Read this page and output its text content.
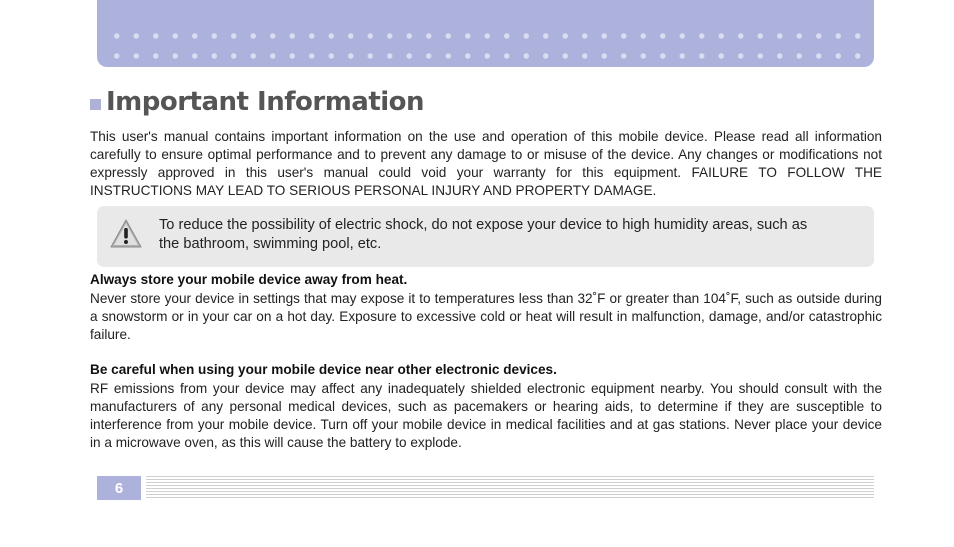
Important Information
This user's manual contains important information on the use and operation of this mobile device. Please read all information carefully to ensure optimal performance and to prevent any damage to or misuse of the device. Any changes or modifications not expressly approved in this user's manual could void your warranty for this equipment. FAILURE TO FOLLOW THE INSTRUCTIONS MAY LEAD TO SERIOUS PERSONAL INJURY AND PROPERTY DAMAGE.
To reduce the possibility of electric shock, do not expose your device to high humidity areas, such as
the bathroom, swimming pool, etc.
Always store your mobile device away from heat.
Never store your device in settings that may expose it to temperatures less than 32˚F or greater than 104˚F, such as outside during a snowstorm or in your car on a hot day. Exposure to excessive cold or heat will result in malfunction, damage, and/or catastrophic failure.
Be careful when using your mobile device near other electronic devices.
RF emissions from your device may affect any inadequately shielded electronic equipment nearby. You should consult with the manufacturers of any personal medical devices, such as pacemakers or hearing aids, to determine if they are susceptible to interference from your mobile device. Turn off your mobile device in medical facilities and at gas stations. Never place your device in a microwave oven, as this will cause the battery to explode.
6
